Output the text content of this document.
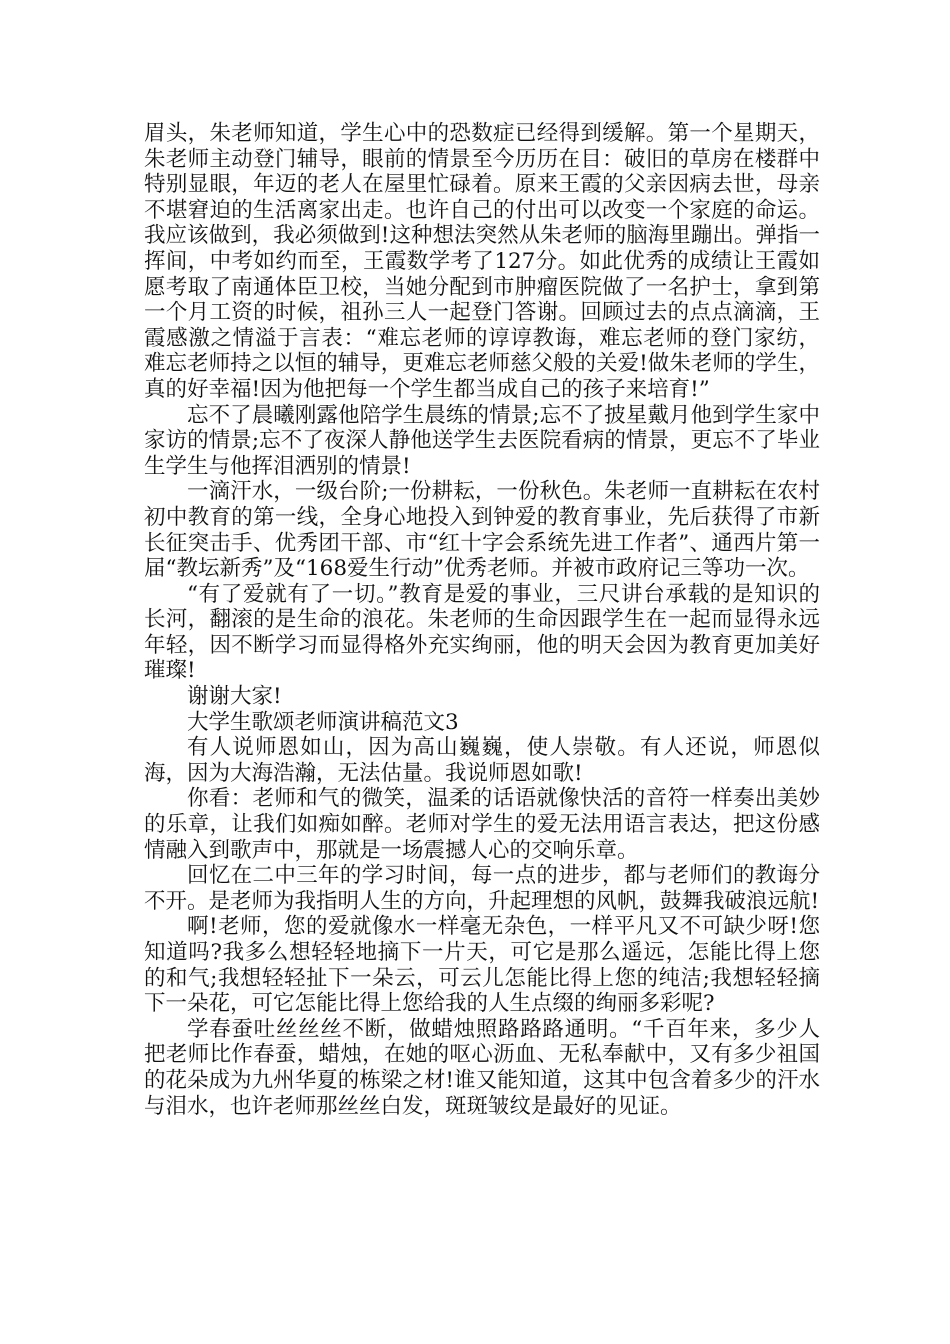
眉头，朱老师知道，学生心中的恐数症已经得到缓解。第一个星期天，朱老师主动登门辅导，眼前的情景至今历历在目：破旧的草房在楼群中特别显眼，年迈的老人在屋里忙碌着。原来王霞的父亲因病去世，母亲不堪窘迫的生活离家出走。也许自己的付出可以改变一个家庭的命运。我应该做到，我必须做到!这种想法突然从朱老师的脑海里蹦出。弹指一挥间，中考如约而至，王霞数学考了127分。如此优秀的成绩让王霞如愿考取了南通体臣卫校，当她分配到市肿瘤医院做了一名护士，拿到第一个月工资的时候，祖孙三人一起登门答谢。回顾过去的点点滴滴，王霞感激之情溢于言表：“难忘老师的谆谆教诲，难忘老师的登门家纺，难忘老师持之以恒的辅导，更难忘老师慈父般的关爱!做朱老师的学生，真的好幸福!因为他把每一个学生都当成自己的孩子来培育!”

忘不了晨曦刚露他陪学生晨练的情景;忘不了披星戴月他到学生家中家访的情景;忘不了夜深人静他送学生去医院看病的情景，更忘不了毕业生学生与他挥泪洒别的情景!

一滴汗水，一级台阶;一份耕耘，一份秋色。朱老师一直耕耘在农村初中教育的第一线，全身心地投入到钟爱的教育事业，先后获得了市新长征突击手、优秀团干部、市“红十字会系统先进工作者”、通西片第一届“教坛新秀”及“168爱生行动”优秀老师。并被市政府记三等功一次。

“有了爱就有了一切。”教育是爱的事业，三尺讲台承载的是知识的长河，翻滚的是生命的浪花。朱老师的生命因跟学生在一起而显得永远年轻，因不断学习而显得格外充实绚丽，他的明天会因为教育更加美好璀璨!

谢谢大家!

大学生歌颂老师演讲稿范文3

有人说师恩如山，因为高山巍巍，使人崇敬。有人还说，师恩似海，因为大海浩瀚，无法估量。我说师恩如歌!

你看：老师和气的微笑，温柔的话语就像快活的音符一样奏出美妙的乐章，让我们如痴如醉。老师对学生的爱无法用语言表达，把这份感情融入到歌声中，那就是一场震撼人心的交响乐章。

回忆在二中三年的学习时间，每一点的进步，都与老师们的教诲分不开。是老师为我指明人生的方向，升起理想的风帆，鼓舞我破浪远航!

啊!老师，您的爱就像水一样毫无杂色，一样平凡又不可缺少呀!您知道吗?我多么想轻轻地摘下一片天，可它是那么遥远，怎能比得上您的和气;我想轻轻扯下一朵云，可云儿怎能比得上您的纯洁;我想轻轻摘下一朵花，可它怎能比得上您给我的人生点缀的绚丽多彩呢?

学春蚕吐丝丝丝不断，做蜡烛照路路路通明。“千百年来，多少人把老师比作春蚕，蜡烛，在她的呕心沥血、无私奉献中，又有多少祖国的花朵成为九州华夏的栋梁之材!谁又能知道，这其中包含着多少的汗水与泪水，也许老师那丝丝白发，斑斑皱纹是最好的见证。
